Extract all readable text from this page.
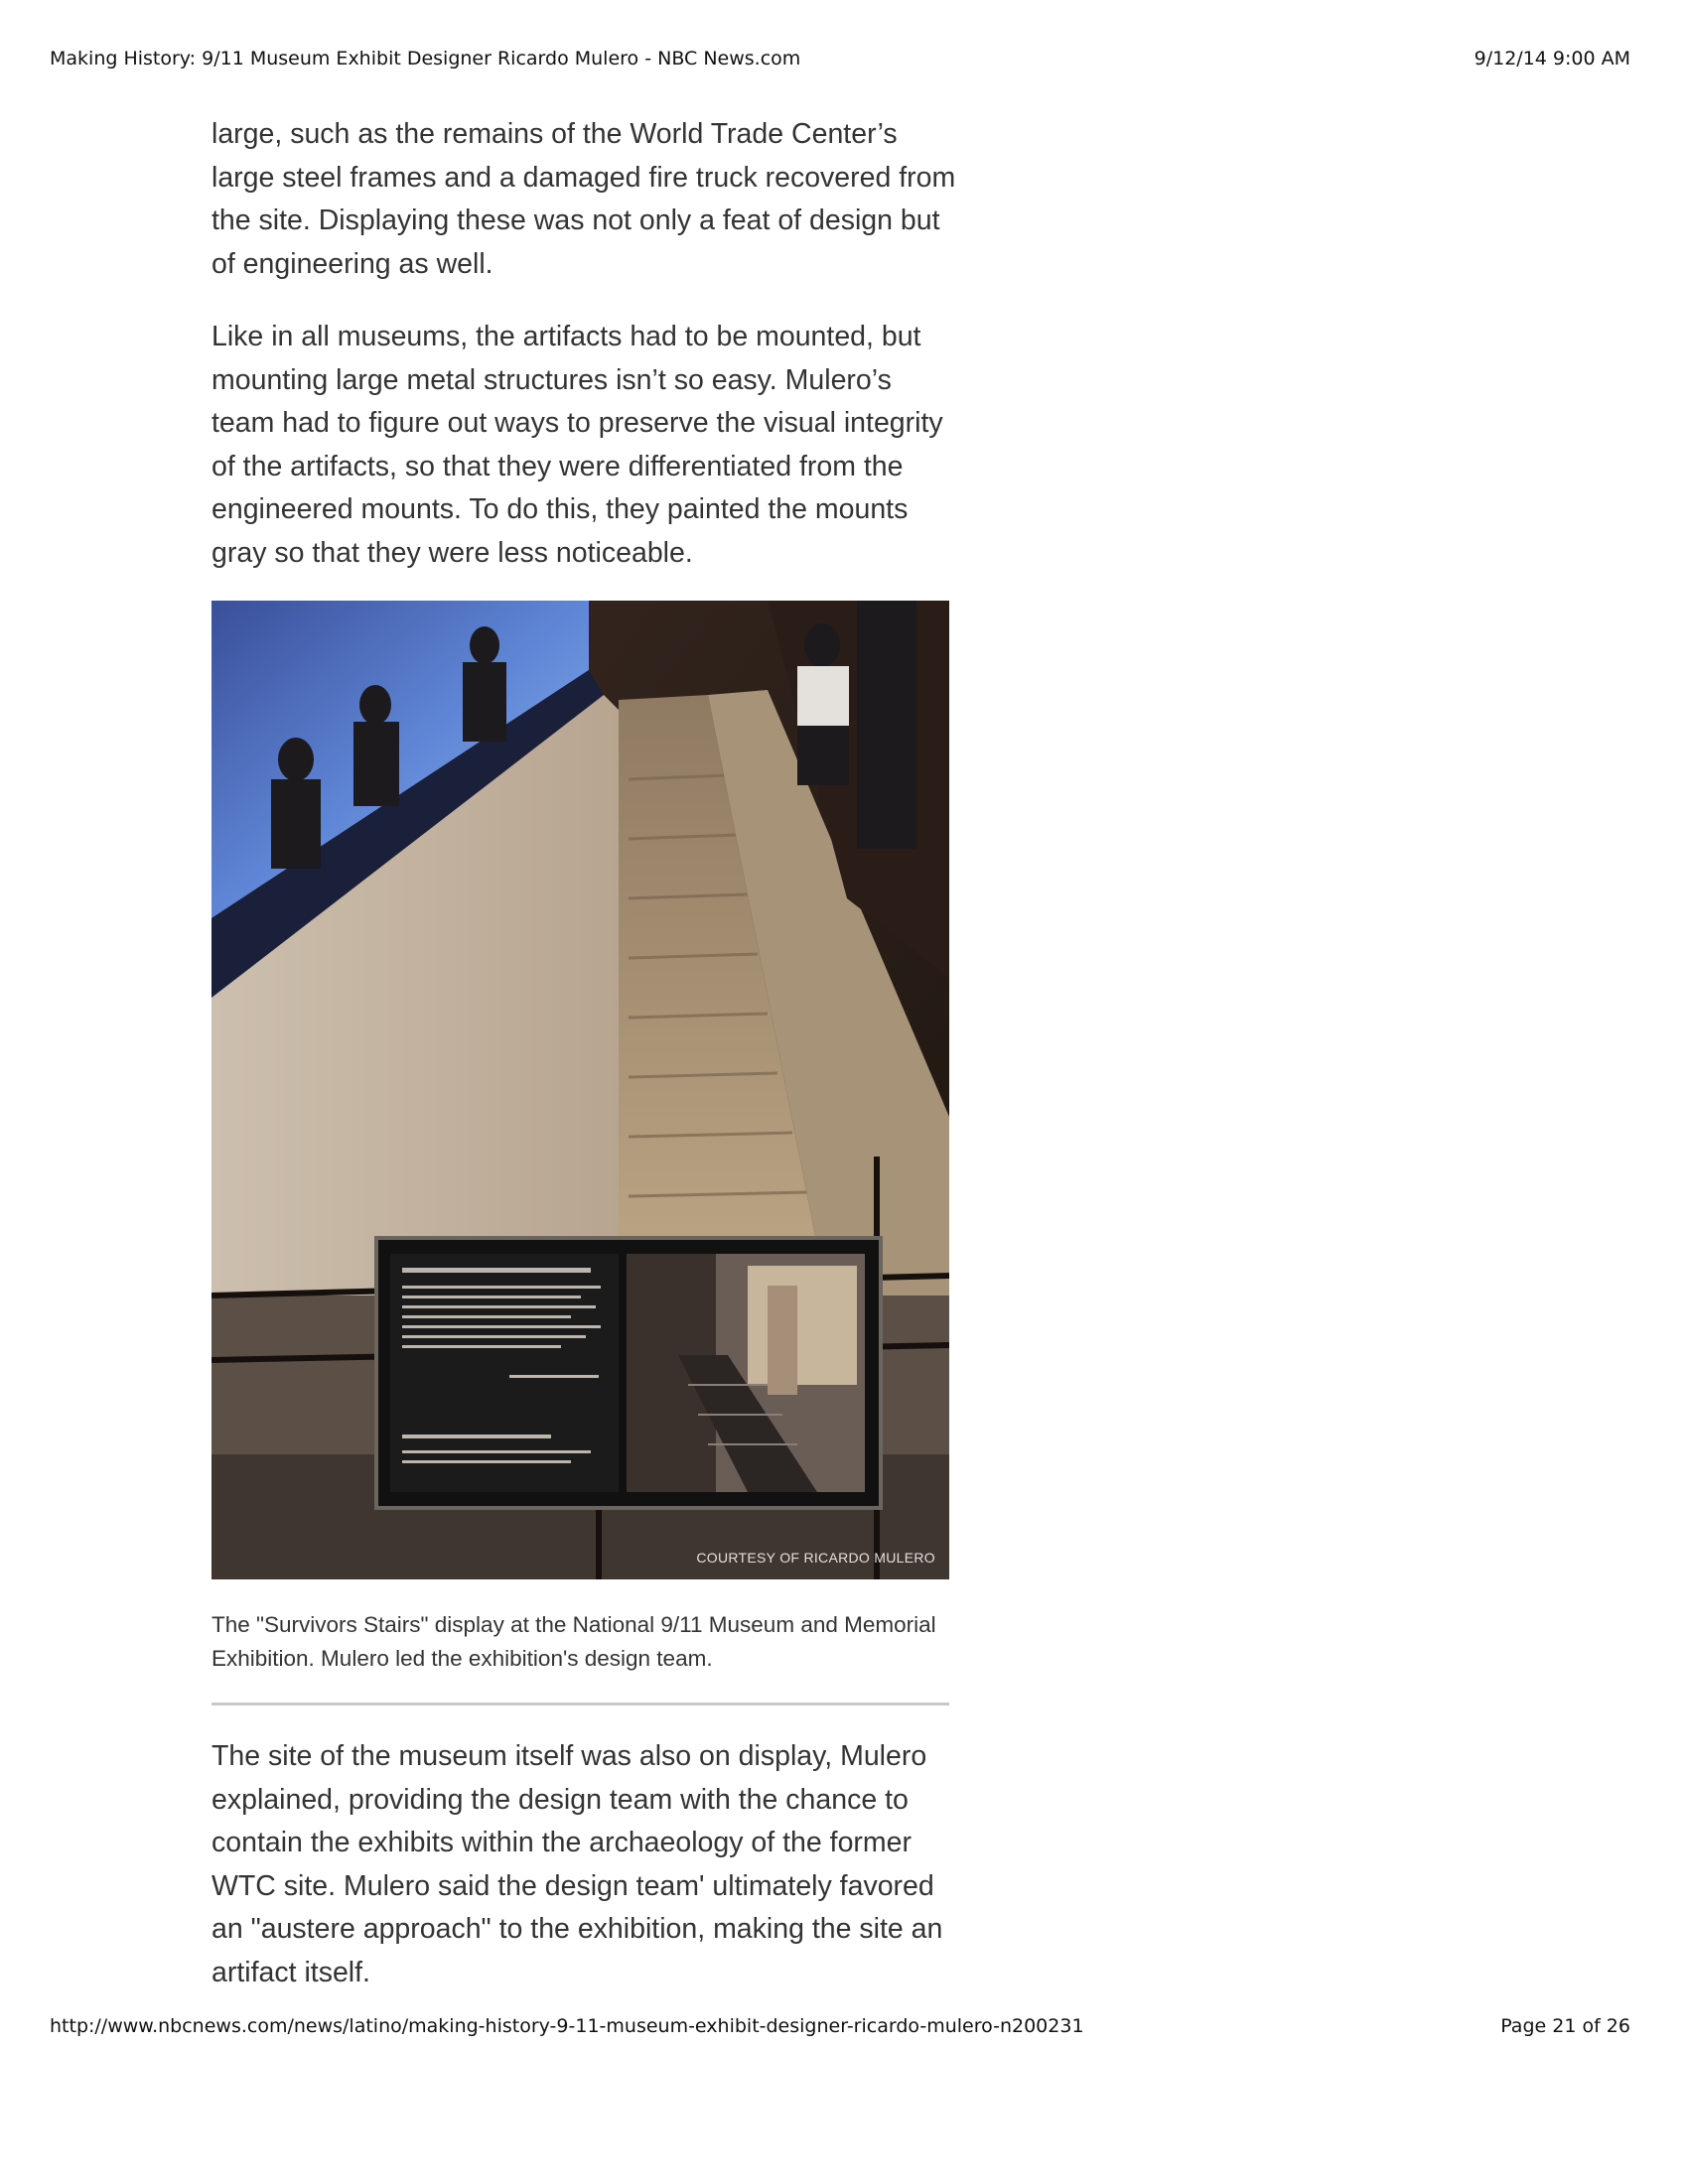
Making History: 9/11 Museum Exhibit Designer Ricardo Mulero - NBC News.com	9/12/14 9:00 AM

large, such as the remains of the World Trade Center’s large steel frames and a damaged fire truck recovered from the site. Displaying these was not only a feat of design but of engineering as well.

Like in all museums, the artifacts had to be mounted, but mounting large metal structures isn’t so easy. Mulero’s team had to figure out ways to preserve the visual integrity of the artifacts, so that they were differentiated from the engineered mounts. To do this, they painted the mounts gray so that they were less noticeable.

COURTESY OF RICARDO MULERO

The "Survivors Stairs" display at the National 9/11 Museum and Memorial Exhibition. Mulero led the exhibition's design team.

The site of the museum itself was also on display, Mulero explained, providing the design team with the chance to contain the exhibits within the archaeology of the former WTC site. Mulero said the design team' ultimately favored an "austere approach" to the exhibition, making the site an artifact itself.

http://www.nbcnews.com/news/latino/making-history-9-11-museum-exhibit-designer-ricardo-mulero-n200231	Page 21 of 26
